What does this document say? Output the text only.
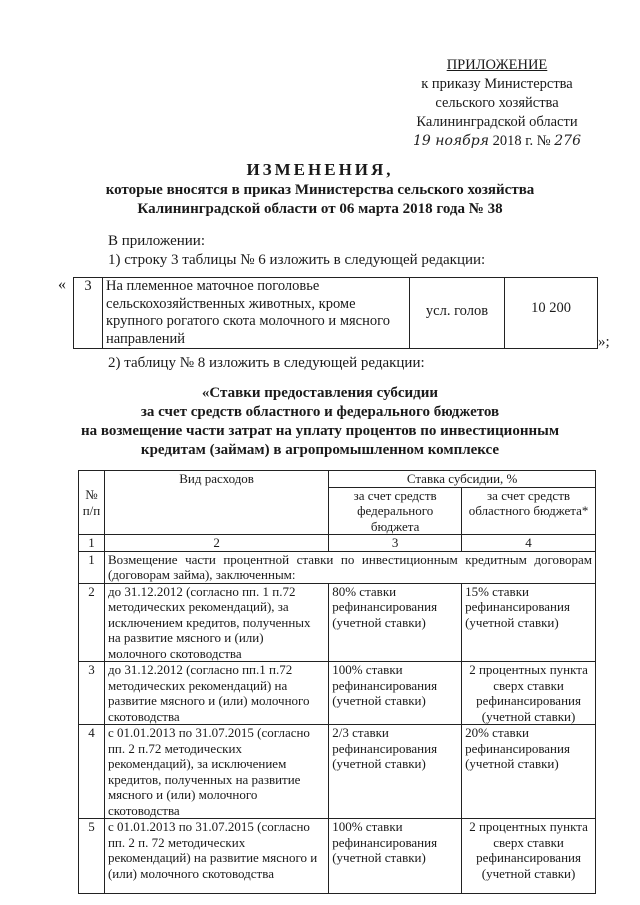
ПРИЛОЖЕНИЕ
к приказу Министерства
сельского хозяйства
Калининградской области
19 ноября 2018 г. № 276
ИЗМЕНЕНИЯ,
которые вносятся в приказ Министерства сельского хозяйства
Калининградской области от 06 марта 2018 года № 38
В приложении:
1) строку 3 таблицы № 6 изложить в следующей редакции:
« 3	На племенное маточное поголовье сельскохозяйственных животных, кроме крупного рогатого скота молочного и мясного направлений	усл. голов	10 200
»;
2) таблицу № 8 изложить в следующей редакции:
«Ставки предоставления субсидии
за счет средств областного и федерального бюджетов
на возмещение части затрат на уплату процентов по инвестиционным
кредитам (займам) в агропромышленном комплексе
№ п/п	Вид расходов	Ставка субсидии, %	
		за счет средств федерального бюджета	за счет средств областного бюджета*
1	2	3	4
1	Возмещение части процентной ставки по инвестиционным кредитным договорам (договорам займа), заключенным:		
2	до 31.12.2012 (согласно пп. 1 п.72 методических рекомендаций), за исключением кредитов, полученных на развитие мясного и (или) молочного скотоводства	80% ставки рефинансирования (учетной ставки)	15% ставки рефинансирования (учетной ставки)
3	до 31.12.2012 (согласно пп.1 п.72 методических рекомендаций) на развитие мясного и (или) молочного скотоводства	100% ставки рефинансирования (учетной ставки)	2 процентных пункта сверх ставки рефинансирования (учетной ставки)
4	с 01.01.2013 по 31.07.2015 (согласно пп. 2 п.72 методических рекомендаций), за исключением кредитов, полученных на развитие мясного и (или) молочного скотоводства	2/3 ставки рефинансирования (учетной ставки)	20% ставки рефинансирования (учетной ставки)
5	с 01.01.2013 по 31.07.2015 (согласно пп. 2 п. 72 методических рекомендаций) на развитие мясного и (или) молочного скотоводства	100% ставки рефинансирования (учетной ставки)	2 процентных пункта сверх ставки рефинансирования (учетной ставки)
